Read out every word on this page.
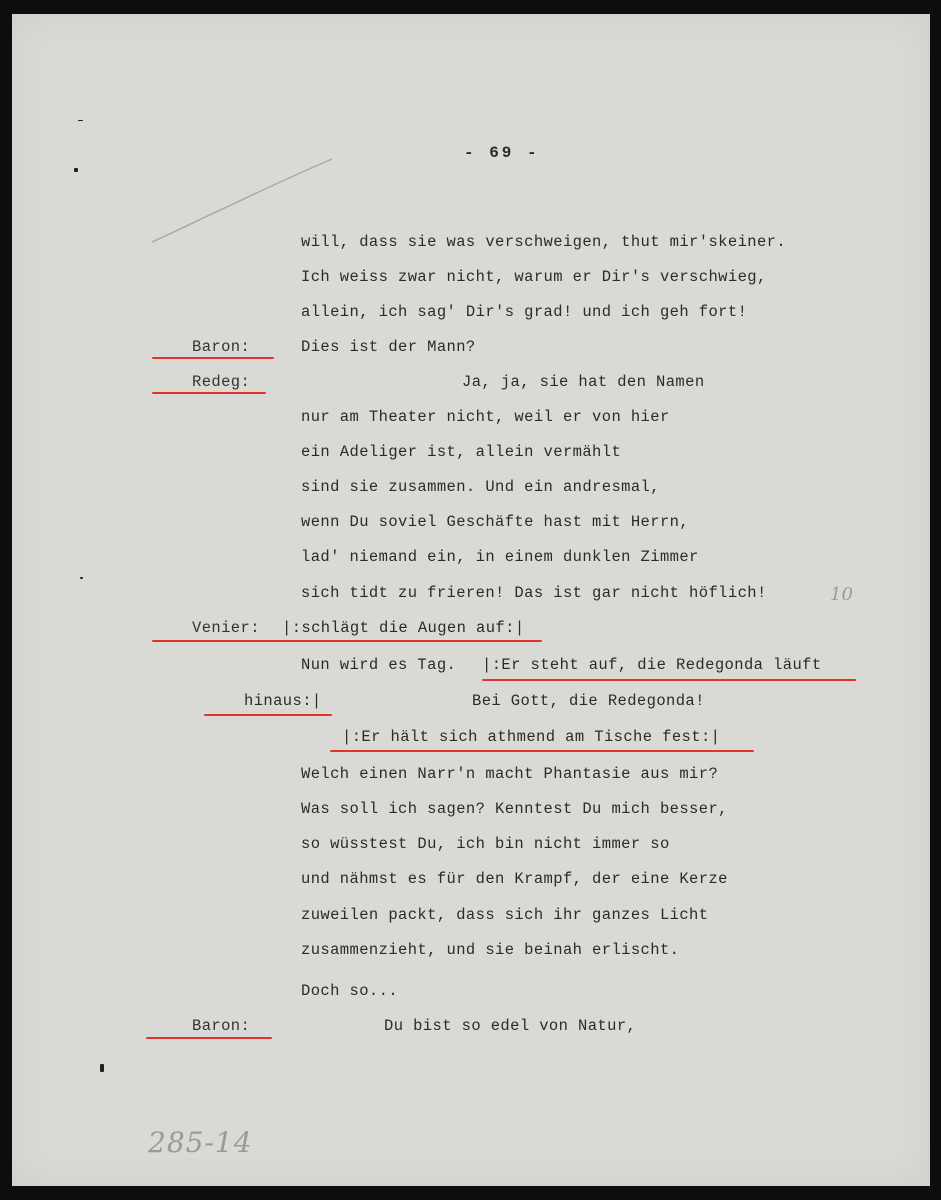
- 69 -
will, dass sie was verschweigen, thut mir'skeiner.
Ich weiss zwar nicht, warum er Dir's verschwieg,
allein, ich sag' Dir's grad! und ich geh fort!
Baron:	Dies ist der Mann?
Redeg:	Ja, ja, sie hat den Namen
nur am Theater nicht, weil er von hier
ein Adeliger ist, allein vermählt
sind sie zusammen. Und ein andresmal,
wenn Du soviel Geschäfte hast mit Herrn,
lad' niemand ein, in einem dunklen Zimmer
sich tidt zu frieren! Das ist gar nicht höflich!	10
Venier: |:schlägt die Augen auf:|
Nun wird es Tag. |:Er steht auf, die Redegonda läuft
hinaus:|	Bei Gott, die Redegonda!
|:Er hält sich athmend am Tische fest:|
Welch einen Narr'n macht Phantasie aus mir?
Was soll ich sagen? Kenntest Du mich besser,
so wüsstest Du, ich bin nicht immer so
und nähmst es für den Krampf, der eine Kerze
zuweilen packt, dass sich ihr ganzes Licht
zusammenzieht, und sie beinah erlischt.
Doch so...
Baron:	Du bist so edel von Natur,
285-14
